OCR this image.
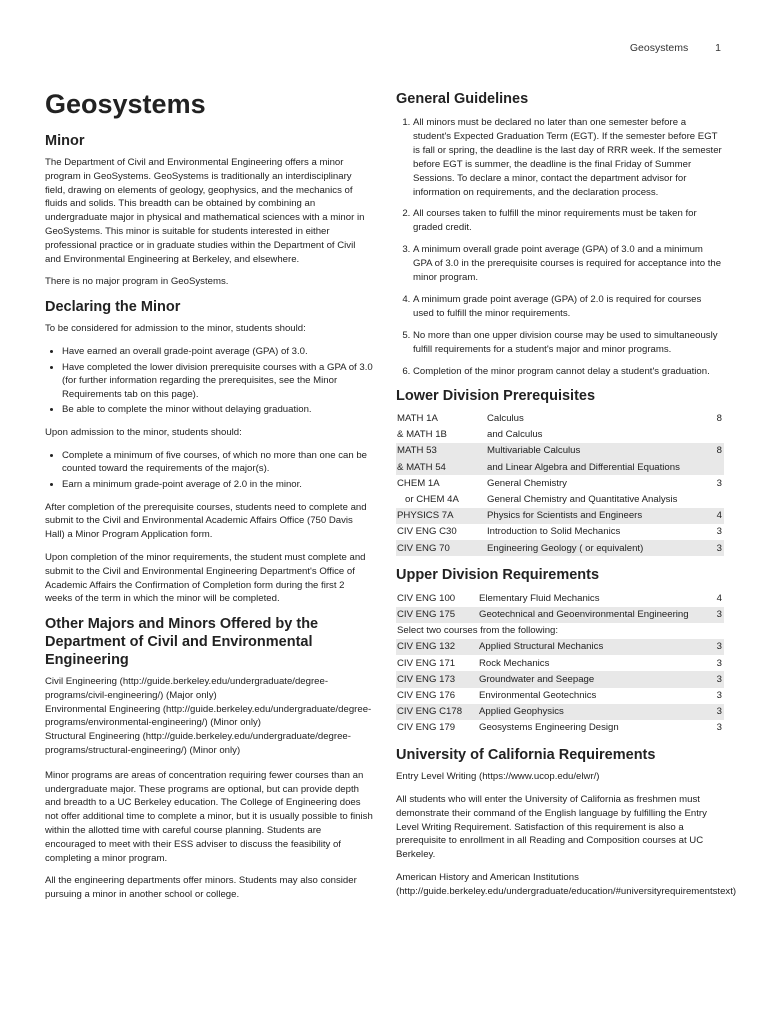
Geosystems	1
Geosystems
Minor

The Department of Civil and Environmental Engineering offers a minor program in GeoSystems. GeoSystems is traditionally an interdisciplinary field, drawing on elements of geology, geophysics, and the mechanics of fluids and solids. This breadth can be obtained by combining an undergraduate major in physical and mathematical sciences with a minor in GeoSystems. This minor is suitable for students interested in either professional practice or in graduate studies within the Department of Civil and Environmental Engineering at Berkeley, and elsewhere.

There is no major program in GeoSystems.

Declaring the Minor

To be considered for admission to the minor, students should:

• Have earned an overall grade-point average (GPA) of 3.0.
• Have completed the lower division prerequisite courses with a GPA of 3.0 (for further information regarding the prerequisites, see the Minor Requirements tab on this page).
• Be able to complete the minor without delaying graduation.

Upon admission to the minor, students should:

• Complete a minimum of five courses, of which no more than one can be counted toward the requirements of the major(s).
• Earn a minimum grade-point average of 2.0 in the minor.

After completion of the prerequisite courses, students need to complete and submit to the Civil and Environmental Academic Affairs Office (750 Davis Hall) a Minor Program Application form.

Upon completion of the minor requirements, the student must complete and submit to the Civil and Environmental Engineering Department's Office of Academic Affairs the Confirmation of Completion form during the first 2 weeks of the term in which the minor will be completed.

Other Majors and Minors Offered by the Department of Civil and Environmental Engineering

Civil Engineering (http://guide.berkeley.edu/undergraduate/degree-programs/civil-engineering/) (Major only)
Environmental Engineering (http://guide.berkeley.edu/undergraduate/degree-programs/environmental-engineering/) (Minor only)
Structural Engineering (http://guide.berkeley.edu/undergraduate/degree-programs/structural-engineering/) (Minor only)

Minor programs are areas of concentration requiring fewer courses than an undergraduate major. These programs are optional, but can provide depth and breadth to a UC Berkeley education. The College of Engineering does not offer additional time to complete a minor, but it is usually possible to finish within the allotted time with careful course planning. Students are encouraged to meet with their ESS adviser to discuss the feasibility of completing a minor program.

All the engineering departments offer minors. Students may also consider pursuing a minor in another school or college.

General Guidelines
1. All minors must be declared no later than one semester before a student's Expected Graduation Term (EGT). If the semester before EGT is fall or spring, the deadline is the last day of RRR week. If the semester before EGT is summer, the deadline is the final Friday of Summer Sessions. To declare a minor, contact the department advisor for information on requirements, and the declaration process.
2. All courses taken to fulfill the minor requirements must be taken for graded credit.
3. A minimum overall grade point average (GPA) of 3.0 and a minimum GPA of 3.0 in the prerequisite courses is required for acceptance into the minor program.
4. A minimum grade point average (GPA) of 2.0 is required for courses used to fulfill the minor requirements.
5. No more than one upper division course may be used to simultaneously fulfill requirements for a student's major and minor programs.
6. Completion of the minor program cannot delay a student's graduation.
Lower Division Prerequisites
MATH 1A	Calculus	8
& MATH 1B	and Calculus	
MATH 53	Multivariable Calculus	8
& MATH 54	and Linear Algebra and Differential Equations	
CHEM 1A	General Chemistry	3
or CHEM 4A	General Chemistry and Quantitative Analysis	
PHYSICS 7A	Physics for Scientists and Engineers	4
CIV ENG C30	Introduction to Solid Mechanics	3
CIV ENG 70	Engineering Geology ( or equivalent)	3
Upper Division Requirements
CIV ENG 100	Elementary Fluid Mechanics	4
CIV ENG 175	Geotechnical and Geoenvironmental Engineering	3
Select two courses from the following:		
CIV ENG 132	Applied Structural Mechanics	3
CIV ENG 171	Rock Mechanics	3
CIV ENG 173	Groundwater and Seepage	3
CIV ENG 176	Environmental Geotechnics	3
CIV ENG C178	Applied Geophysics	3
CIV ENG 179	Geosystems Engineering Design	3
University of California Requirements

Entry Level Writing (https://www.ucop.edu/elwr/)

All students who will enter the University of California as freshmen must demonstrate their command of the English language by fulfilling the Entry Level Writing Requirement. Satisfaction of this requirement is also a prerequisite to enrollment in all Reading and Composition courses at UC Berkeley.

American History and American Institutions (http://guide.berkeley.edu/undergraduate/education/#universityrequirementstext)
